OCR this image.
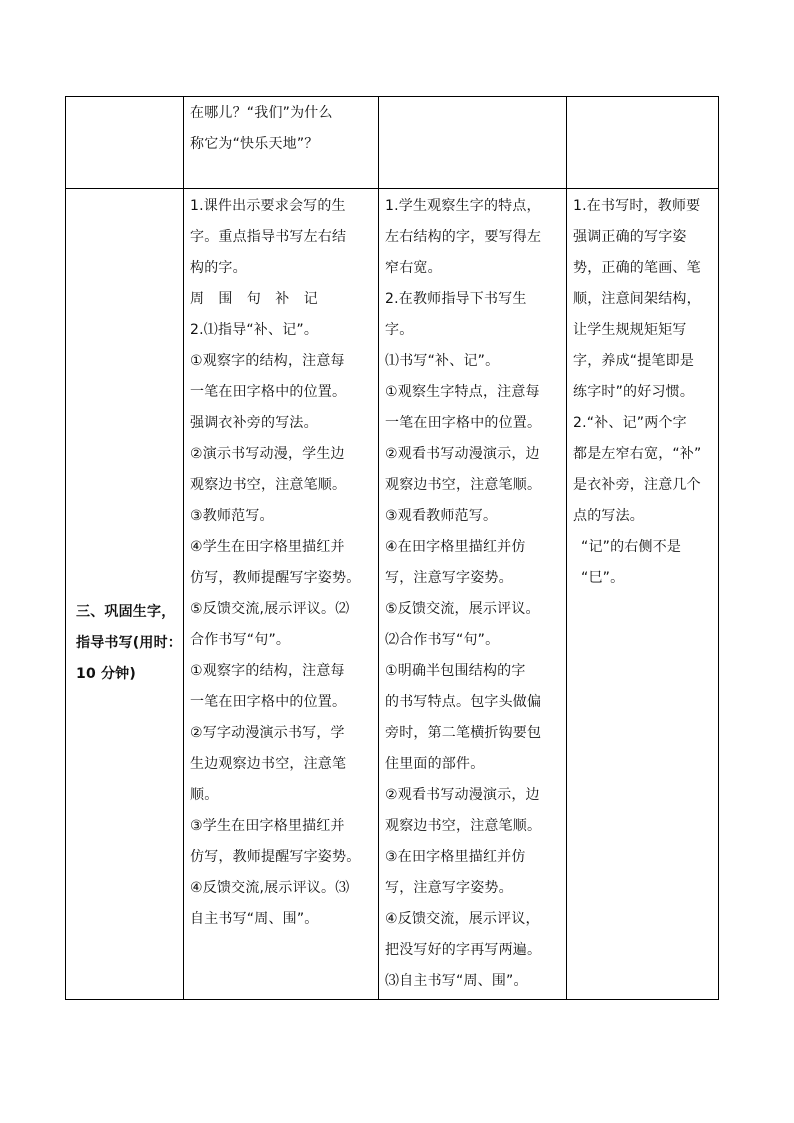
在哪儿？“我们”为什么

称它为“快乐天地”？

三、巩固生字，

指导书写(用时：

10 分钟)

1.课件出示要求会写的生

字。重点指导书写左右结

构的字。

周　围　句　补　记

2.⑴指导“补、记”。

①观察字的结构，注意每

一笔在田字格中的位置。

强调衣补旁的写法。

②演示书写动漫，学生边

观察边书空，注意笔顺。

③教师范写。

④学生在田字格里描红并

仿写，教师提醒写字姿势。

⑤反馈交流,展示评议。⑵

合作书写“句”。

①观察字的结构，注意每

一笔在田字格中的位置。

②写字动漫演示书写，学

生边观察边书空，注意笔

顺。

③学生在田字格里描红并

仿写，教师提醒写字姿势。

④反馈交流,展示评议。⑶

自主书写“周、围”。

1.学生观察生字的特点，

左右结构的字，要写得左

窄右宽。

2.在教师指导下书写生

字。

⑴书写“补、记”。

①观察生字特点，注意每

一笔在田字格中的位置。

②观看书写动漫演示，边

观察边书空，注意笔顺。

③观看教师范写。

④在田字格里描红并仿

写，注意写字姿势。

⑤反馈交流，展示评议。

⑵合作书写“句”。

①明确半包围结构的字

的书写特点。包字头做偏

旁时，第二笔横折钩要包

住里面的部件。

②观看书写动漫演示，边

观察边书空，注意笔顺。

③在田字格里描红并仿

写，注意写字姿势。

④反馈交流，展示评议，

把没写好的字再写两遍。

⑶自主书写“周、围”。

1.在书写时，教师要

强调正确的写字姿

势，正确的笔画、笔

顺，注意间架结构，

让学生规规矩矩写

字，养成“提笔即是

练字时”的好习惯。

2.“补、记”两个字

都是左窄右宽，“补”

是衣补旁，注意几个

点的写法。

“记”的右侧不是

“巳”。
